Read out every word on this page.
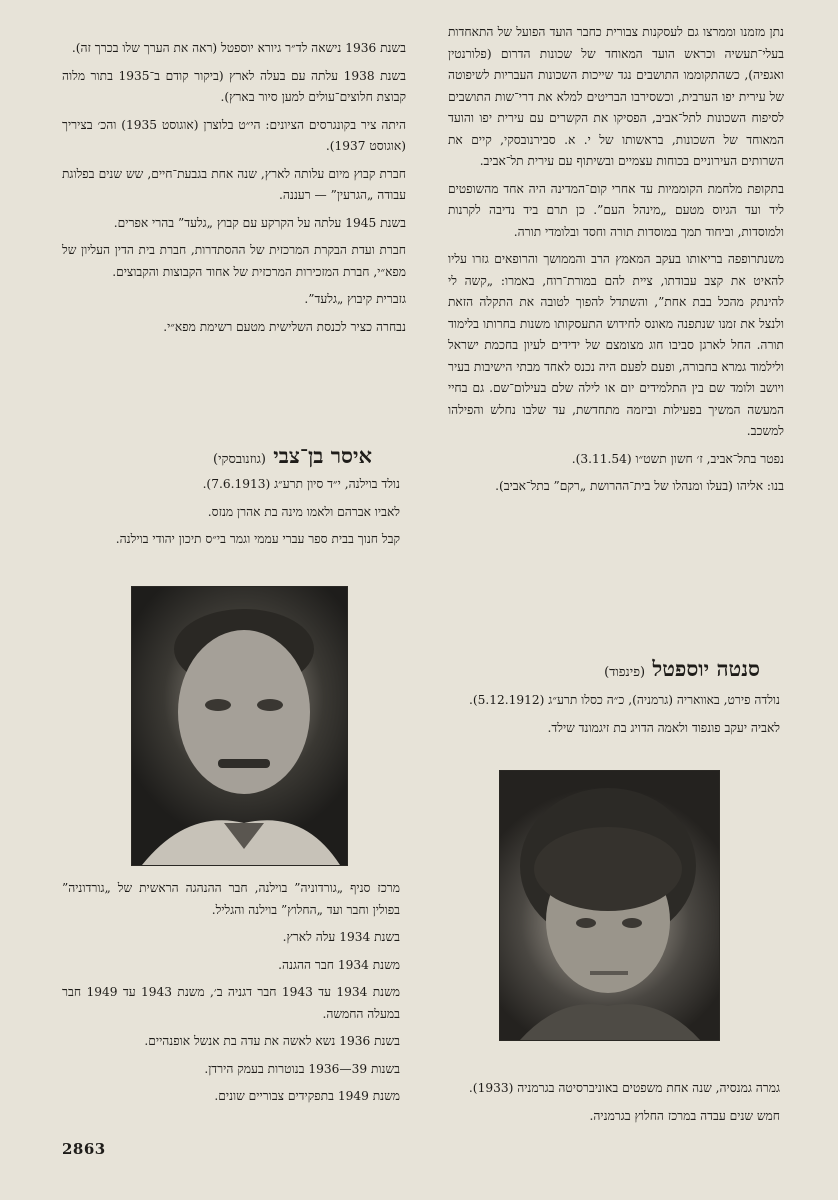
נתן מזמנו וממרצו גם לעסקנות צבורית כחבר הועד הפועל של התאחדות בעלי־תעשיה וכראש הועד המאוחד של שכונות הדרום (פלורנטין ואגפיה), כשהתקוממו התושבים נגד שייכות השכונות העבריות לשיפוטה של עירית יפו הערבית, וכשסירבו הבריטים למלא את דרי־שות התושבים לסיפוח השכונות לתל־אביב, הפסיקו את הקשרים עם עירית יפו והועד המאוחד של השכונות, בראשותו של י. א. סבירנובסקי, קיים את השרותים העירוניים בכוחות עצמיים ובשיתוף עם עירית תל־אביב.

בתקופת מלחמת הקוממיות עד אחרי קום־המדינה היה אחד מהשופטים ליד ועד הגיוס מטעם „מינהל העם”. כן תרם ביד נדיבה לקרנות ולמוסדות, וביחוד תמך במוסדות תורה וחסד ובלומדי תורה.

משנתרופפה בריאותו בעקב המאמץ הרב והממושך והרופאים גזרו עליו להאיט את קצב עבודתו, ציית להם במורת־רוח, באמרו: „קשה לי להינתק מהכל בבת אחת”, והשתדל להפוך לטובה את התקלה הזאת ולנצל את זמנו שנתפנה מאונס לחידוש התעסקותו משנות בחרותו בלימוד תורה. החל לארגן סביבו חוג מצומצם של ידידים לעיון בחכמת ישראל ולילמוד גמרא בחבורה, ופעם לפעם היה נכנס לאחד מבתי הישיבות בעיר ויושב ולומד שם בין התלמידים יום או לילה שלם בעילום־שם. גם בחיי המעשה המשיך בפעילות וביזמה מתחדשת, עד שלבו נחלש והפילהו למשכב.

נפטר בתל־אביב, ז׳ חשון תשט״ו (3.11.54).

בנו: אליהו (בעלו ומנהלו של בית־ההרושת „רקם” בתל־אביב).

סנטה יוספטל (פינפוד)

נולדה פירט, באוואריה (גרמניה), כ״ה כסלו תרע״ג (5.12.1912).

לאביה יעקב פונפוד ולאמה הדויג בת זיגמונד שילד.

גמרה גמנסיה, שנה אחת משפטים באוניברסיטה בגרמניה (1933).

חמש שנים עבדה במרכז החלוץ בגרמניה.

בשנת 1936 נישאה לד״ר גיורא יוספטל (ראה את הערך שלו בכרך זה).

בשנת 1938 עלתה עם בעלה לארץ (ביקור קודם ב־1935 בתור מלוה קבוצת חלוצים־עולים למען סיור בארץ).

היתה ציר בקונגרסים הציונים: הי״ט בלוצרן (אוגוסט 1935) והכ׳ בציריך (אוגוסט 1937).

חברת קבוץ מיום עלותה לארץ, שנה אחת בגבעת־חיים, שש שנים בפלוגת עבודה „הגרעין” — רעננה.

בשנת 1945 עלתה על הקרקע עם קבוץ „גלעד” בהרי אפרים.

חברת ועדת הבקרת המרכזית של ההסתדרות, חברת בית הדין העליון של מפא״י, חברת המזכירות המרכזית של אחוד הקבוצות והקבוצים.

גזברית קיבוץ „גלעד”.

נבחרה כציר לכנסת השלישית מטעם רשימת מפא״י.

איסר בן־צבי (גוזנובסקי)

נולד בוילנה, י״ד סיון תרע״ג (7.6.1913).

לאביו אברהם ולאמו מינה בת אהרן מנזס.

קבל חנוך בבית ספר עברי עממי וגמר בי״ס תיכון יהודי בוילנה.

מרכז סניף „גורדוניה” בוילנה, חבר ההנהגה הראשית של „גורדוניה” בפולין וחבר ועד „החלוץ” בוילנה והגליל.

בשנת 1934 עלה לארץ.

משנת 1934 חבר ההגנה.

משנת 1934 עד 1943 חבר דגניה ב׳, משנת 1943 עד 1949 חבר במעלה החמשה.

בשנת 1936 נשא לאשה את עדה בת אנשל אופנהיים.

בשנות 39—1936 בנוטרות בעמק הירדן.

משנת 1949 בתפקידים צבוריים שונים.

2863
